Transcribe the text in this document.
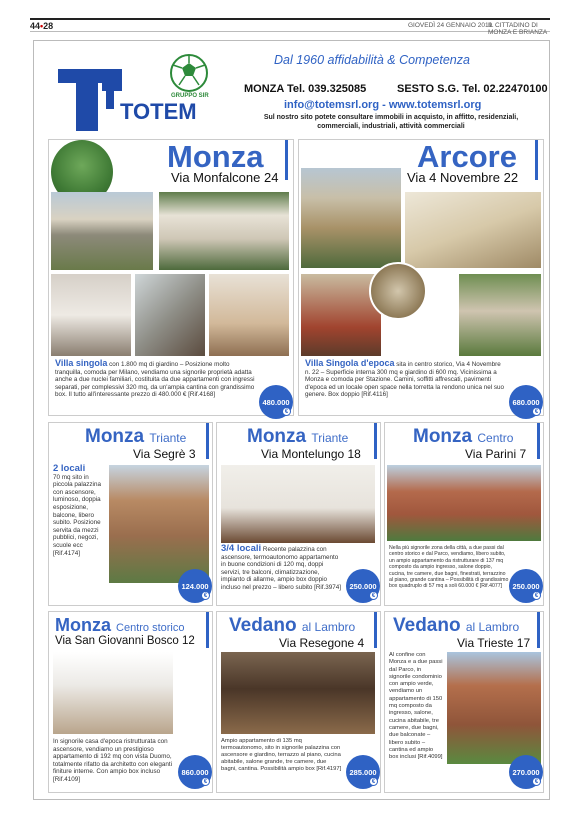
44•28	GIOVEDÌ 24 GENNAIO 2019
IL CITTADINO DI MONZA E BRIANZA
TOTEM
GRUPPO SIR
Dal 1960 affidabilità & Competenza
MONZA Tel. 039.325085	SESTO S.G. Tel. 02.22470100
info@totemsrl.org - www.totemsrl.org
Sul nostro sito potete consultare immobili in acquisto, in affitto, residenziali, commerciali, industriali, attività commerciali
Monza
Via Monfalcone 24
Villa singola con 1.800 mq di giardino – Posizione molto tranquilla, comoda per Milano, vendiamo una signorile proprietà adatta anche a due nuclei familiari, costituita da due appartamenti con ingressi separati, per complessivi 320 mq, da un'ampia cantina con grandissimo box. Il tutto all'interessante prezzo di 480.000 € [Rif.4168]
480.000
€
Arcore
Via 4 Novembre 22
Villa Singola d'epoca sita in centro storico, Via 4 Novembre n. 22 – Superficie interna 300 mq e giardino di 600 mq. Vicinissima a Monza e comoda per Stazione. Camini, soffitti affrescati, pavimenti d'epoca ed un locale open space nella torretta la rendono unica nel suo genere. Box doppio [Rif.4116]
680.000
€
Monza Triante
Via Segrè 3
2 locali
70 mq sito in piccola palazzina con ascensore, luminoso, doppia esposizione, balcone, libero subito. Posizione servita da mezzi pubblici, negozi, scuole ecc [Rif.4174]
124.000
€
Monza Triante
Via Montelungo 18
3/4 locali Recente palazzina con ascensore, termoautonomo appartamento in buone condizioni di 120 mq, doppi servizi, tre balconi, climatizzazione, impianto di allarme, ampio box doppio incluso nel prezzo – libero subito [Rif.3974]	250.000
€
Monza Centro
Via Parini 7
Nella più signorile zona della città, a due passi dal centro storico e dal Parco, vendiamo, libero subito, un ampio appartamento da ristrutturare di 137 mq composto da ampio ingresso, salone doppio, cucina, tre camere, due bagni, finestrati, terrazzino al piano, grande cantina – Possibilità di grandissimo box quadruplo di 57 mq a soli 60.000 € [Rif.4077]	250.000
€
Monza Centro storico
Via San Giovanni Bosco 12
In signorile casa d'epoca ristrutturata con ascensore, vendiamo un prestigioso appartamento di 192 mq con vista Duomo, totalmente rifatto da architetto con eleganti finiture interne. Con ampio box incluso [Rif.4109]
860.000
€
Vedano al Lambro
Via Resegone 4
Ampio appartamento di 135 mq termoautonomo, sito in signorile palazzina con ascensore e giardino, terrazzo al piano, cucina abitabile, salone grande, tre camere, due bagni, cantina. Possibilità ampio box [Rif.4197]	285.000
€
Vedano al Lambro
Via Trieste 17
Al confine con Monza e a due passi dal Parco, in signorile condominio con ampio verde, vendiamo un appartamento di 150 mq composto da ingresso, salone, cucina abitabile, tre camere, due bagni, due balconate – libero subito – cantina ed ampio box inclusi [Rif.4099]
270.000
€
